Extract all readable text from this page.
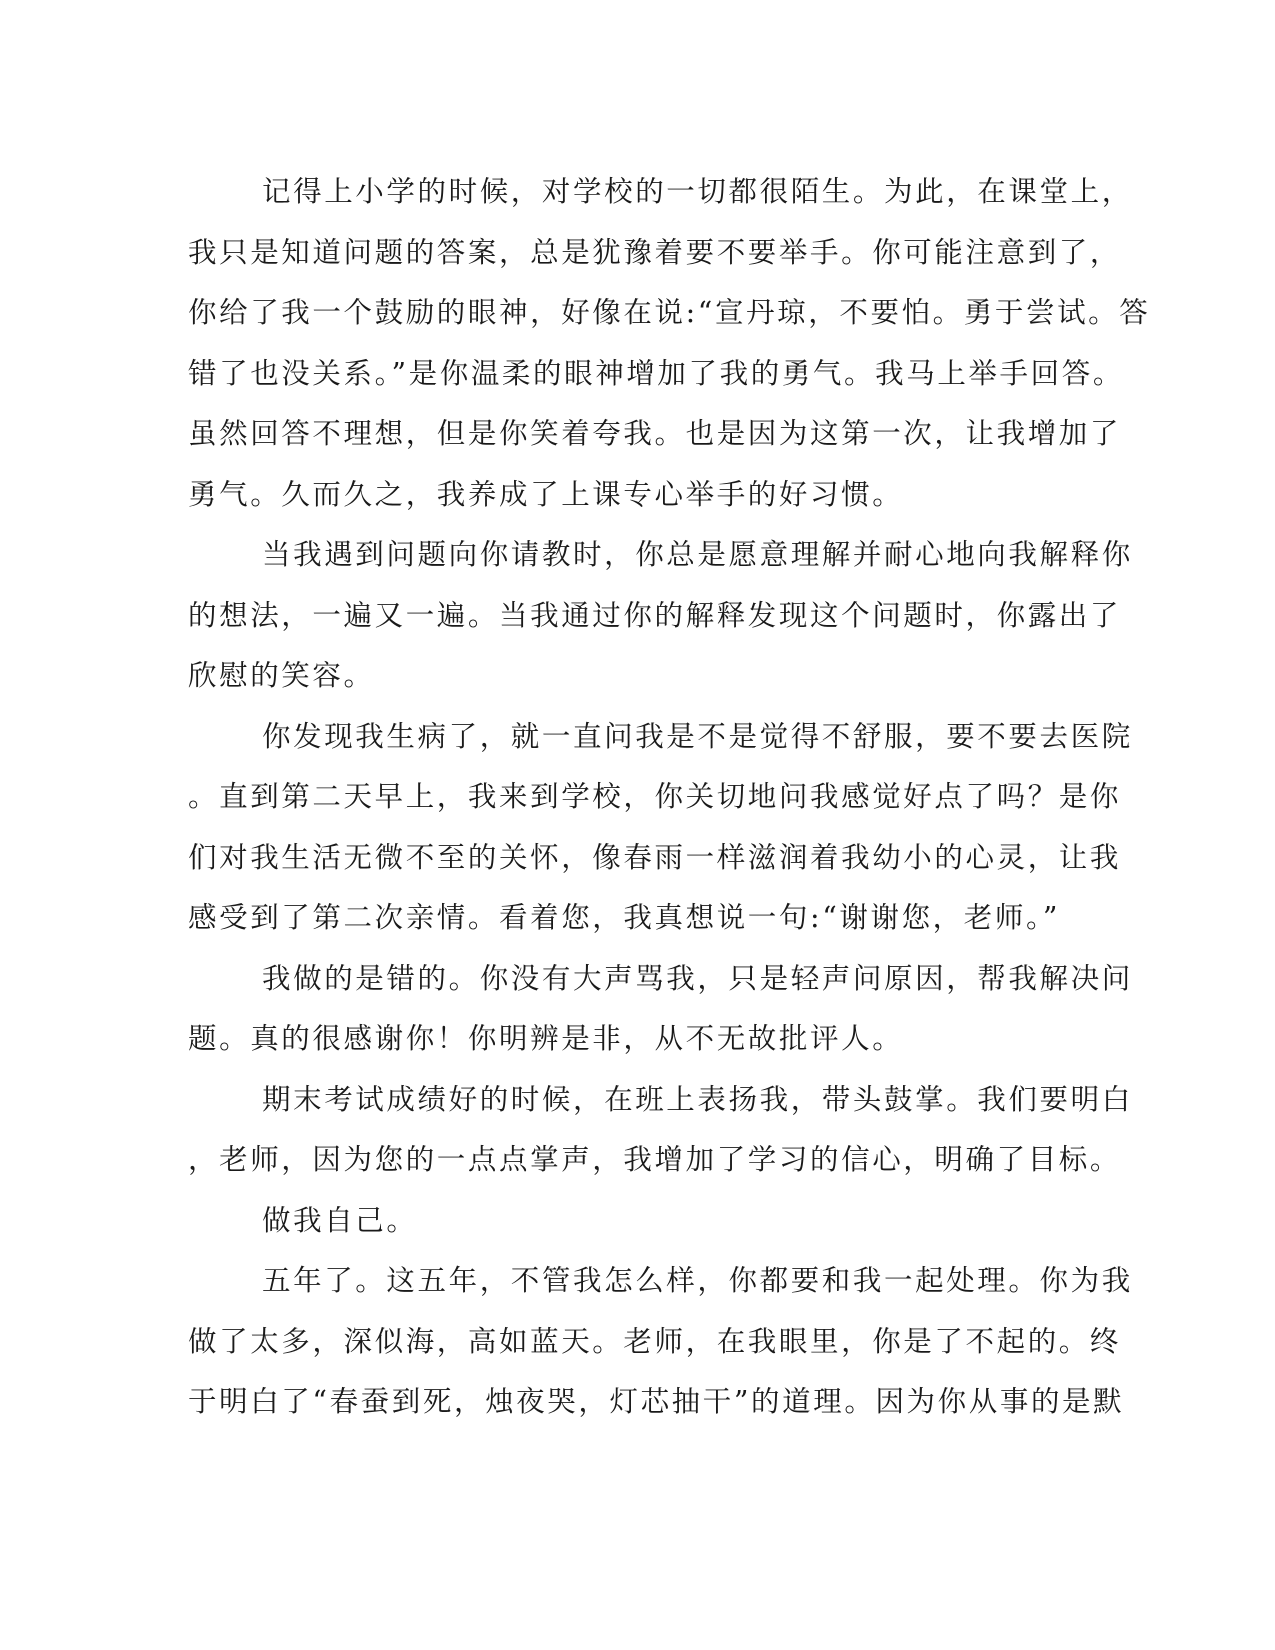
记得上小学的时候，对学校的一切都很陌生。为此，在课堂上，
我只是知道问题的答案，总是犹豫着要不要举手。你可能注意到了，
你给了我一个鼓励的眼神，好像在说:“宣丹琼，不要怕。勇于尝试。答
错了也没关系。”是你温柔的眼神增加了我的勇气。我马上举手回答。
虽然回答不理想，但是你笑着夸我。也是因为这第一次，让我增加了
勇气。久而久之，我养成了上课专心举手的好习惯。
当我遇到问题向你请教时，你总是愿意理解并耐心地向我解释你
的想法，一遍又一遍。当我通过你的解释发现这个问题时，你露出了
欣慰的笑容。
你发现我生病了，就一直问我是不是觉得不舒服，要不要去医院
。直到第二天早上，我来到学校，你关切地问我感觉好点了吗？是你
们对我生活无微不至的关怀，像春雨一样滋润着我幼小的心灵，让我
感受到了第二次亲情。看着您，我真想说一句:“谢谢您，老师。”
我做的是错的。你没有大声骂我，只是轻声问原因，帮我解决问
题。真的很感谢你！你明辨是非，从不无故批评人。
期末考试成绩好的时候，在班上表扬我，带头鼓掌。我们要明白
，老师，因为您的一点点掌声，我增加了学习的信心，明确了目标。
做我自己。
五年了。这五年，不管我怎么样，你都要和我一起处理。你为我
做了太多，深似海，高如蓝天。老师，在我眼里，你是了不起的。终
于明白了“春蚕到死，烛夜哭，灯芯抽干”的道理。因为你从事的是默
